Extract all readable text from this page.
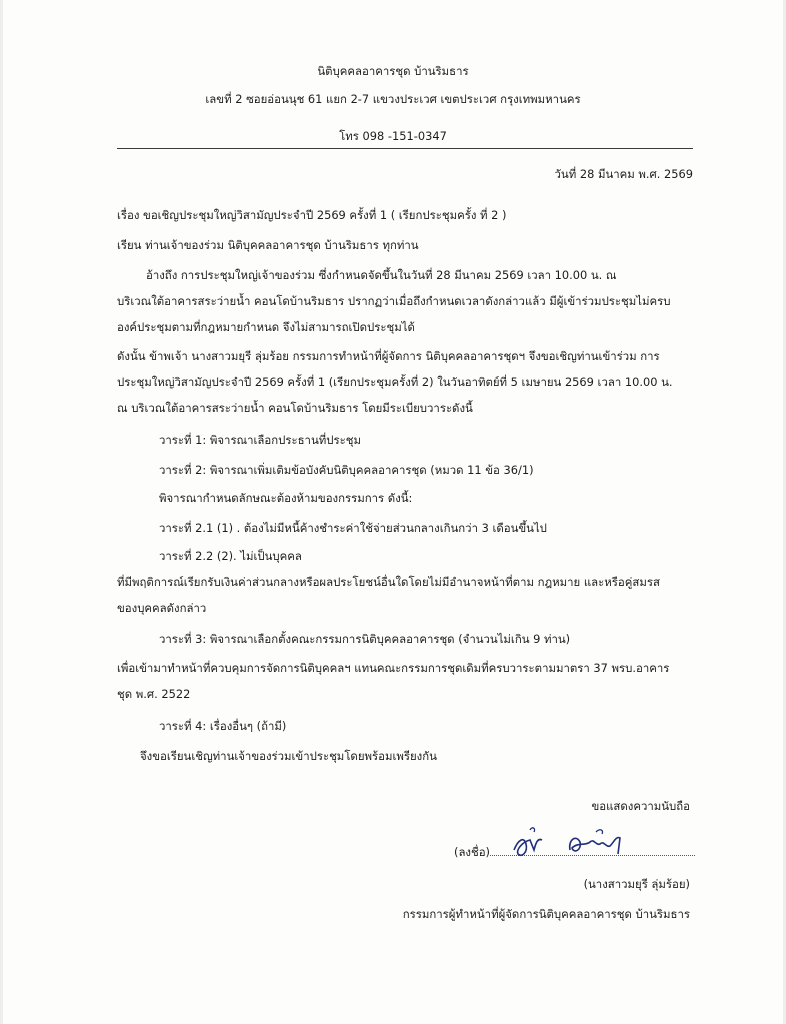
นิติบุคคลอาคารชุด บ้านริมธาร
เลขที่ 2 ซอยอ่อนนุช 61 แยก 2-7 แขวงประเวศ เขตประเวศ กรุงเทพมหานคร
โทร 098 -151-0347
วันที่ 28 มีนาคม พ.ศ. 2569
เรื่อง ขอเชิญประชุมใหญ่วิสามัญประจำปี 2569 ครั้งที่ 1 ( เรียกประชุมครั้ง ที่ 2 )
เรียน ท่านเจ้าของร่วม นิติบุคคลอาคารชุด บ้านริมธาร ทุกท่าน
อ้างถึง การประชุมใหญ่เจ้าของร่วม ซึ่งกำหนดจัดขึ้นในวันที่ 28 มีนาคม 2569 เวลา 10.00 น. ณ
บริเวณใต้อาคารสระว่ายน้ำ คอนโดบ้านริมธาร ปรากฏว่าเมื่อถึงกำหนดเวลาดังกล่าวแล้ว มีผู้เข้าร่วมประชุมไม่ครบ
องค์ประชุมตามที่กฎหมายกำหนด จึงไม่สามารถเปิดประชุมได้
ดังนั้น ข้าพเจ้า นางสาวมยุรี ลุ่มร้อย กรรมการทำหน้าที่ผู้จัดการ นิติบุคคลอาคารชุดฯ จึงขอเชิญท่านเข้าร่วม การ
ประชุมใหญ่วิสามัญประจำปี 2569 ครั้งที่ 1 (เรียกประชุมครั้งที่ 2) ในวันอาทิตย์ที่ 5 เมษายน 2569 เวลา 10.00 น.
ณ บริเวณใต้อาคารสระว่ายน้ำ คอนโดบ้านริมธาร โดยมีระเบียบวาระดังนี้
วาระที่ 1: พิจารณาเลือกประธานที่ประชุม
วาระที่ 2: พิจารณาเพิ่มเติมข้อบังคับนิติบุคคลอาคารชุด (หมวด 11 ข้อ 36/1)
พิจารณากำหนดลักษณะต้องห้ามของกรรมการ ดังนี้:
วาระที่ 2.1 (1) . ต้องไม่มีหนี้ค้างชำระค่าใช้จ่ายส่วนกลางเกินกว่า 3 เดือนขึ้นไป
วาระที่ 2.2 (2). ไม่เป็นบุคคล
ที่มีพฤติการณ์เรียกรับเงินค่าส่วนกลางหรือผลประโยชน์อื่นใดโดยไม่มีอำนาจหน้าที่ตาม กฎหมาย และหรือคู่สมรส
ของบุคคลดังกล่าว
วาระที่ 3: พิจารณาเลือกตั้งคณะกรรมการนิติบุคคลอาคารชุด (จำนวนไม่เกิน 9 ท่าน)
เพื่อเข้ามาทำหน้าที่ควบคุมการจัดการนิติบุคคลฯ แทนคณะกรรมการชุดเดิมที่ครบวาระตามมาตรา 37 พรบ.อาคาร
ชุด พ.ศ. 2522
วาระที่ 4: เรื่องอื่นๆ (ถ้ามี)
จึงขอเรียนเชิญท่านเจ้าของร่วมเข้าประชุมโดยพร้อมเพรียงกัน
ขอแสดงความนับถือ
(ลงชื่อ)
(นางสาวมยุรี ลุ่มร้อย)
กรรมการผู้ทำหน้าที่ผู้จัดการนิติบุคคลอาคารชุด บ้านริมธาร
